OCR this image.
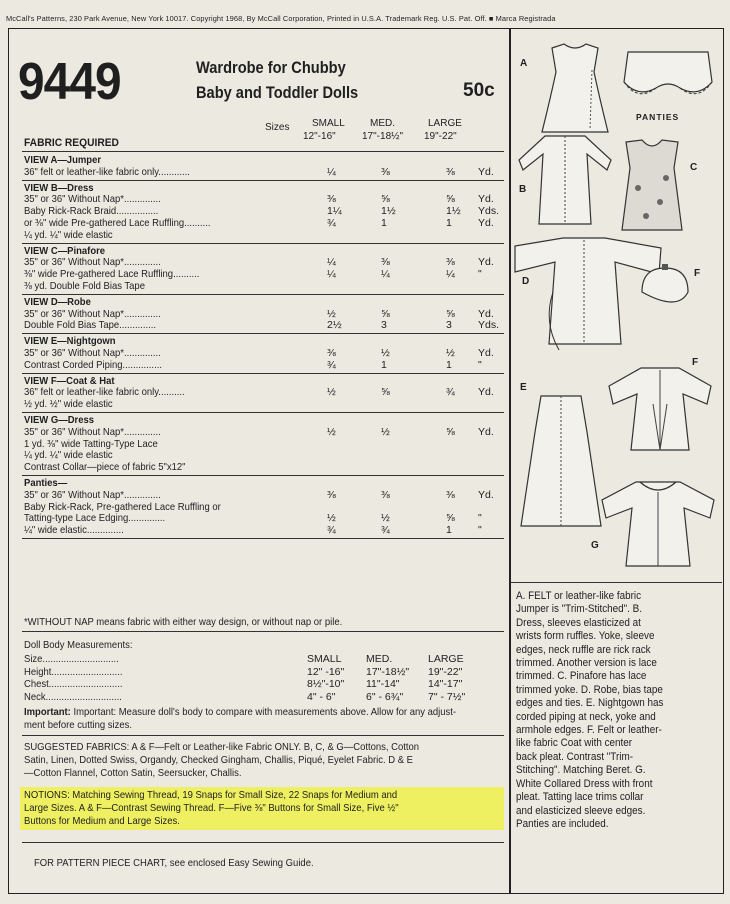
McCall's Patterns, 230 Park Avenue, New York 10017. Copyright 1968, By McCall Corporation, Printed in U.S.A. Trademark Reg. U.S. Pat. Off. ■ Marca Registrada
9449	Wardrobe for Chubby
Baby and Toddler Dolls	50c
Sizes SMALL
12"-16"
MED.
17"-18½"
LARGE
19"-22"
FABRIC REQUIRED
VIEW A—Jumper
36" felt or leather-like fabric only............	¼	⅜	⅜ Yd.
VIEW B—Dress
35" or 36" Without Nap*..............	⅜	⅝	⅝ Yd.
Baby Rick-Rack Braid................	1¼	1½	1½ Yds.
or ⅜" wide Pre-gathered Lace Ruffling..........	¾	1	1 Yd.
¼ yd. ¼" wide elastic
VIEW C—Pinafore
35" or 36" Without Nap*..............	¼	⅜	⅜ Yd.
⅜" wide Pre-gathered Lace Ruffling..........	¼	¼	¼ "
⅜ yd. Double Fold Bias Tape
VIEW D—Robe
35" or 36" Without Nap*..............	½	⅝	⅝ Yd.
Double Fold Bias Tape..............	2½	3	3 Yds.
VIEW E—Nightgown
35" or 36" Without Nap*..............	⅜	½	½ Yd.
Contrast Corded Piping...............	¾	1	1 "
VIEW F—Coat & Hat
36" felt or leather-like fabric only..........	½	⅝	¾ Yd.
½ yd. ½" wide elastic
VIEW G—Dress
35" or 36" Without Nap*..............	½	½	⅝ Yd.
1 yd. ⅜" wide Tatting-Type Lace
¼ yd. ¼" wide elastic
Contrast Collar—piece of fabric 5"x12"
Panties—
35" or 36" Without Nap*..............	⅜	⅜	⅜ Yd.
Baby Rick-Rack, Pre-gathered Lace Ruffling or
Tatting-type Lace Edging..............	½	½	⅝ "
¼" wide elastic..............	¾	¾	1 "
*WITHOUT NAP means fabric with either way design, or without nap or pile.
Doll Body Measurements:
Size.............................	SMALL MED.	LARGE
Height...........................	12" -16" 17"-18½" 19"-22"
Chest............................	8½"-10" 11"-14"	14"-17"
Neck.............................	4" - 6"	6" - 6¾" 7" - 7½"
Important: Important: Measure doll's body to compare with measurements above. Allow for any adjust-
ment before cutting sizes.
SUGGESTED FABRICS: A & F—Felt or Leather-like Fabric ONLY. B, C, & G—Cottons, Cotton
Satin, Linen, Dotted Swiss, Organdy, Checked Gingham, Challis, Piqué, Eyelet Fabric. D & E
—Cotton Flannel, Cotton Satin, Seersucker, Challis.
NOTIONS: Matching Sewing Thread, 19 Snaps for Small Size, 22 Snaps for Medium and
Large Sizes. A & F—Contrast Sewing Thread. F—Five ⅜" Buttons for Small Size, Five ½"
Buttons for Medium and Large Sizes.
FOR PATTERN PIECE CHART, see enclosed Easy Sewing Guide.
A
PANTIES
B
C
D
F
F
E
G
A. FELT or leather-like fabric
Jumper is "Trim-Stitched". B.
Dress, sleeves elasticized at
wrists form ruffles. Yoke, sleeve
edges, neck ruffle are rick rack
trimmed. Another version is lace
trimmed. C. Pinafore has lace
trimmed yoke. D. Robe, bias tape
edges and ties. E. Nightgown has
corded piping at neck, yoke and
armhole edges. F. Felt or leather-
like fabric Coat with center
back pleat. Contrast "Trim-
Stitching". Matching Beret. G.
White Collared Dress with front
pleat. Tatting lace trims collar
and elasticized sleeve edges.
Panties are included.
